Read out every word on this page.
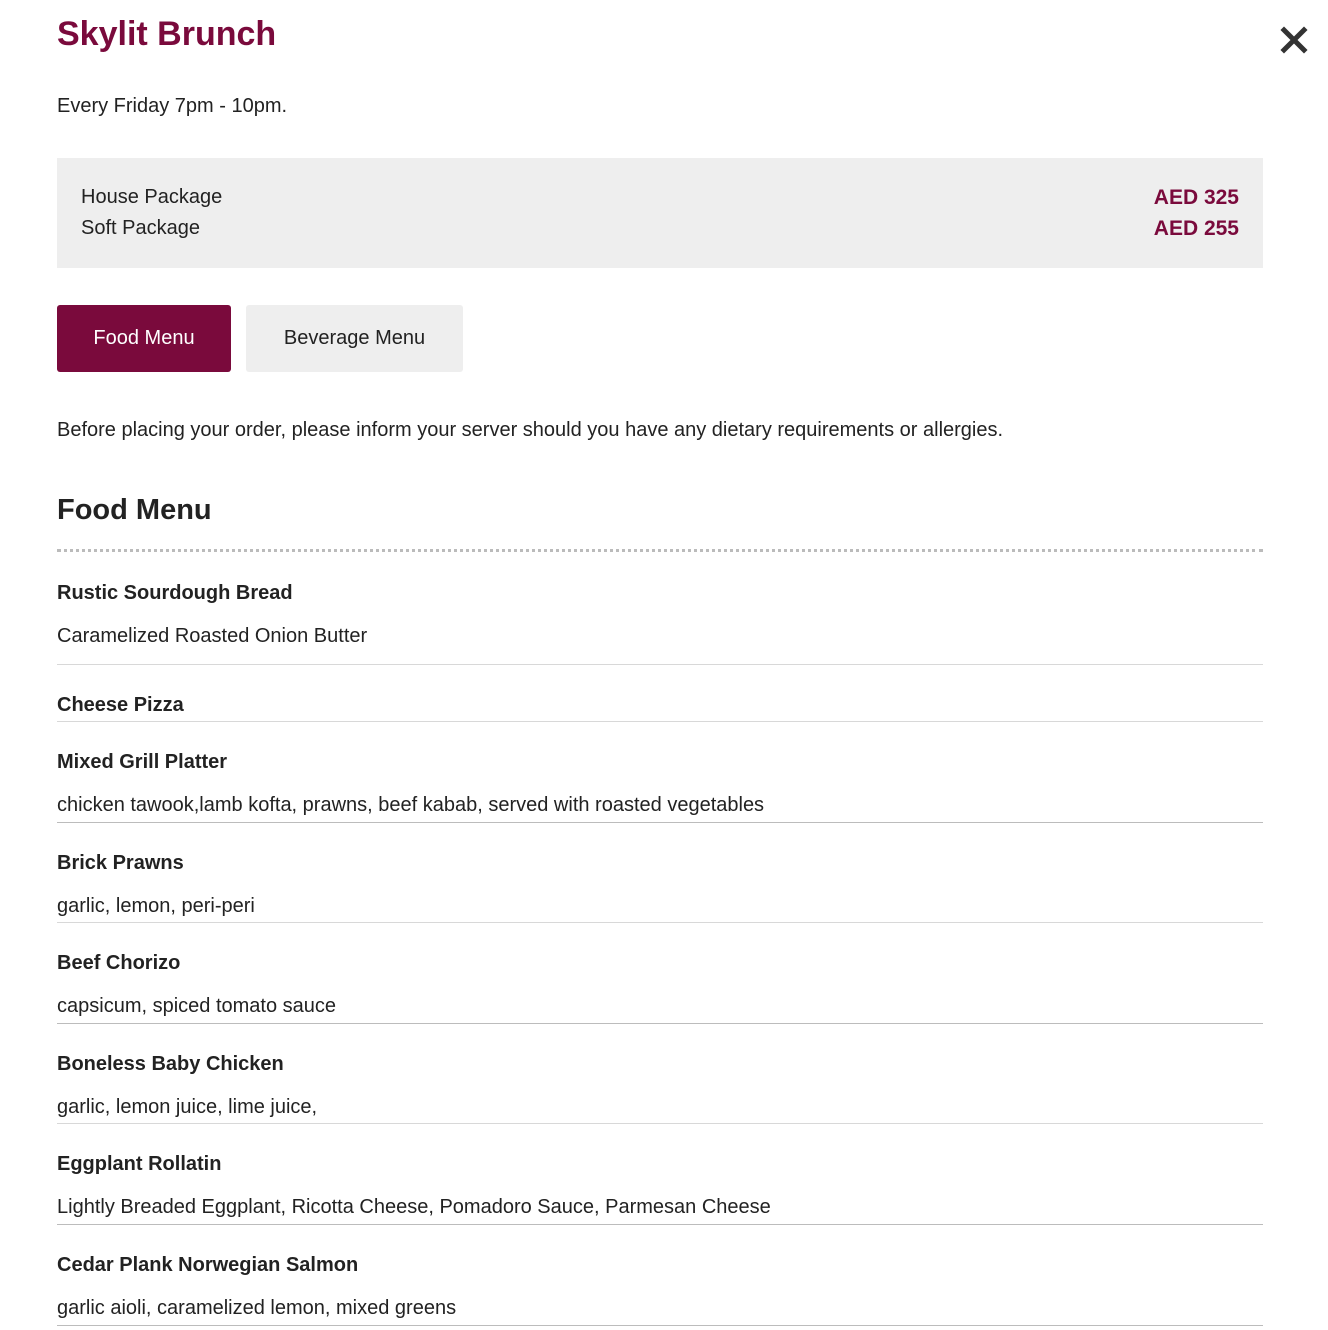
Skylit Brunch
Every Friday 7pm - 10pm.
House Package	AED 325
Soft Package	AED 255
Food Menu	Beverage Menu

Before placing your order, please inform your server should you have any dietary requirements or allergies.

Food Menu
Rustic Sourdough Bread
Caramelized Roasted Onion Butter
Cheese Pizza
Mixed Grill Platter
chicken tawook,lamb kofta, prawns, beef kabab, served with roasted vegetables
Brick Prawns
garlic, lemon, peri-peri
Beef Chorizo
capsicum, spiced tomato sauce
Boneless Baby Chicken
garlic, lemon juice, lime juice,
Eggplant Rollatin
Lightly Breaded Eggplant, Ricotta Cheese, Pomadoro Sauce, Parmesan Cheese
Cedar Plank Norwegian Salmon
garlic aioli, caramelized lemon, mixed greens
